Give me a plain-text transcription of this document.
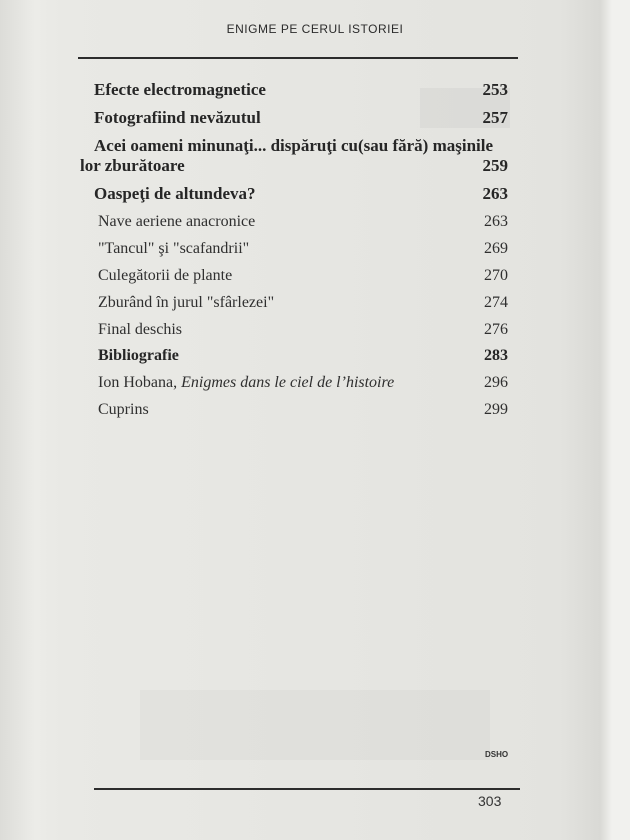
ENIGME PE CERUL ISTORIEI
Efecte electromagnetice	253
Fotografiind nevăzutul	257
Acei oameni minunaţi... dispăruţi cu(sau fără) maşinile
lor zburătoare	259
Oaspeţi de altundeva?	263
Nave aeriene anacronice	263
"Tancul" şi "scafandrii"	269
Culegătorii de plante	270
Zburând în jurul "sfârlezei"	274
Final deschis	276
Bibliografie	283
Ion Hobana, Enigmes dans le ciel de l’histoire	296
Cuprins	299
DSHO
303
